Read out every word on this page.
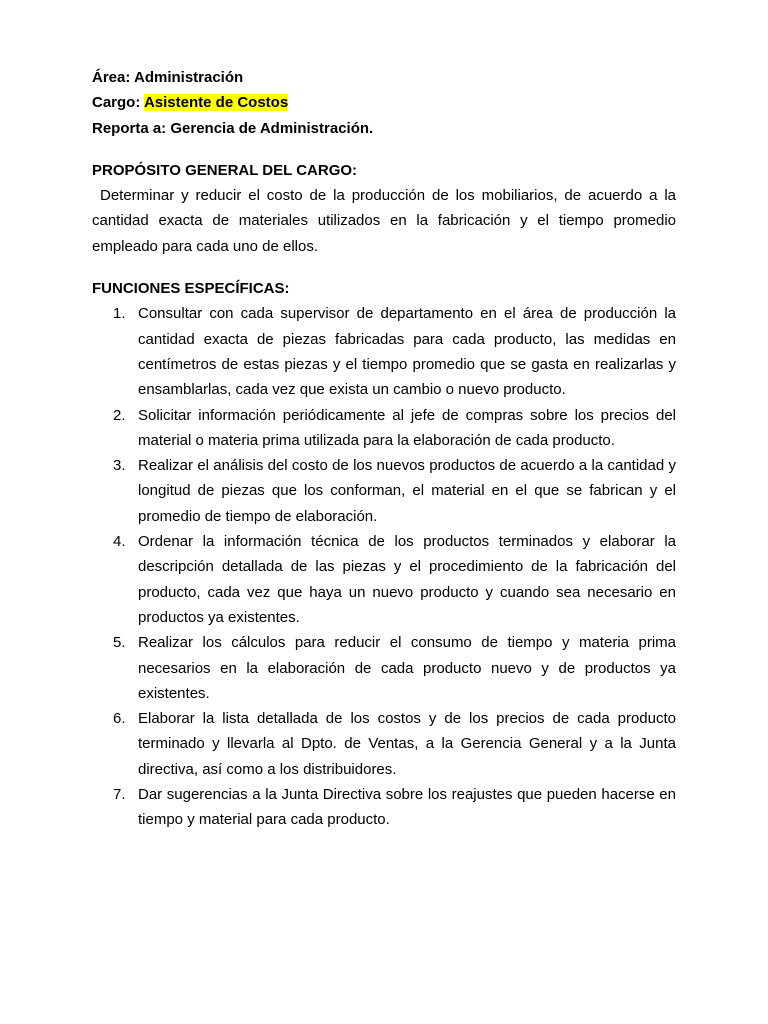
Área: Administración

Cargo: Asistente de Costos

Reporta a: Gerencia de Administración.

PROPÓSITO GENERAL DEL CARGO:

Determinar y reducir el costo de la producción de los mobiliarios, de acuerdo a la cantidad exacta de materiales utilizados en la fabricación y el tiempo promedio empleado para cada uno de ellos.

FUNCIONES ESPECÍFICAS:

1. Consultar con cada supervisor de departamento en el área de producción la cantidad exacta de piezas fabricadas para cada producto, las medidas en centímetros de estas piezas y el tiempo promedio que se gasta en realizarlas y ensamblarlas, cada vez que exista un cambio o nuevo producto.
2. Solicitar información periódicamente al jefe de compras sobre los precios del material o materia prima utilizada para la elaboración de cada producto.
3. Realizar el análisis del costo de los nuevos productos de acuerdo a la cantidad y longitud de piezas que los conforman, el material en el que se fabrican y el promedio de tiempo de elaboración.
4. Ordenar la información técnica de los productos terminados y elaborar la descripción detallada de las piezas y el procedimiento de la fabricación del producto, cada vez que haya un nuevo producto y cuando sea necesario en productos ya existentes.
5. Realizar los cálculos para reducir el consumo de tiempo y materia prima necesarios en la elaboración de cada producto nuevo y de productos ya existentes.
6. Elaborar la lista detallada de los costos y de los precios de cada producto terminado y llevarla al Dpto. de Ventas, a la Gerencia General y a la Junta directiva, así como a los distribuidores.
7. Dar sugerencias a la Junta Directiva sobre los reajustes que pueden hacerse en tiempo y material para cada producto.
